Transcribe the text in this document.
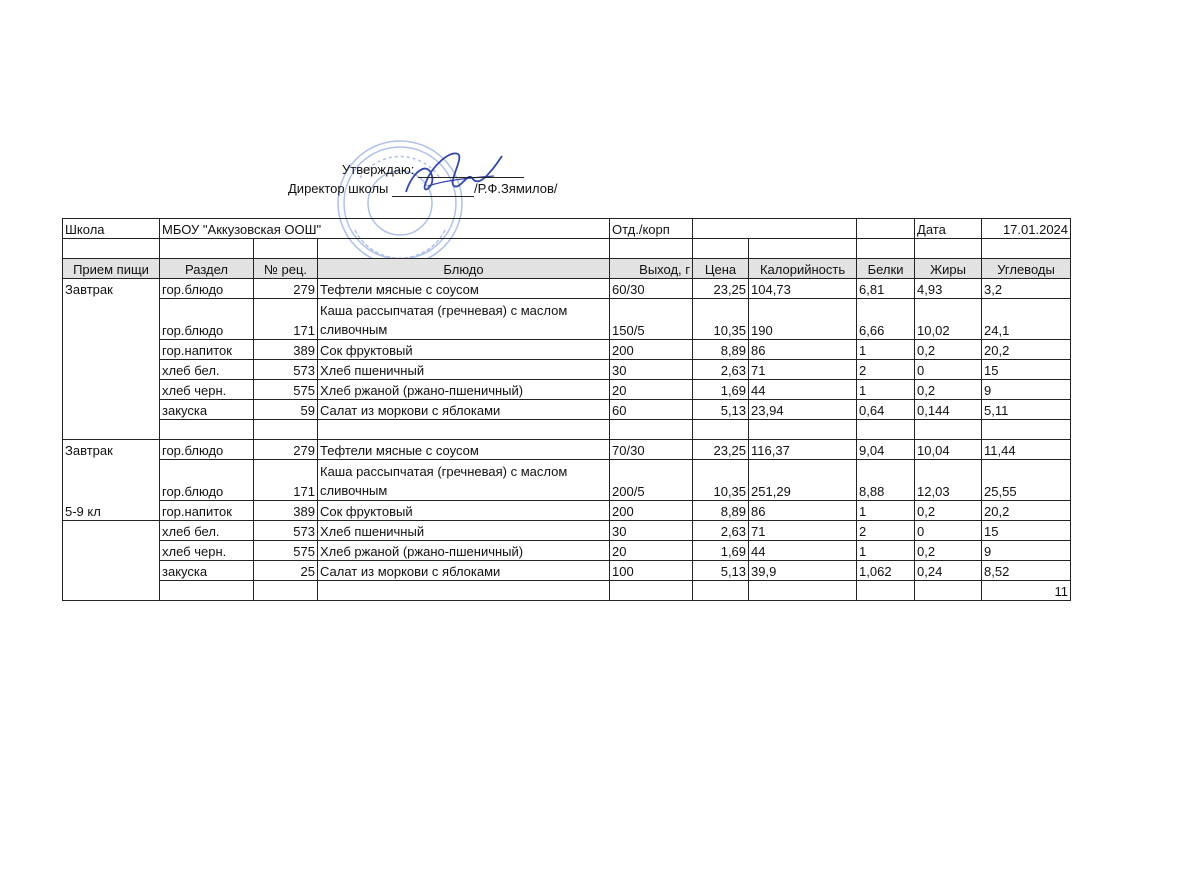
Утверждаю:
Директор школы	/Р.Ф.Зямилов/
Школа	МБОУ "Аккузовская ООШ"			Отд./корп				Дата	17.01.2024

Прием пищи	Раздел	№ рец.	Блюдо	Выход, г	Цена	Калорийность	Белки	Жиры	Углеводы
Завтрак	гор.блюдо	279	Тефтели мясные с соусом	60/30	23,25	104,73	6,81	4,93	3,2
	гор.блюдо	171	Каша рассыпчатая (гречневая) с маслом сливочным	150/5	10,35	190	6,66	10,02	24,1
	гор.напиток	389	Сок фруктовый	200	8,89	86	1	0,2	20,2
	хлеб бел.	573	Хлеб пшеничный	30	2,63	71	2	0	15
	хлеб черн.	575	Хлеб ржаной (ржано-пшеничный)	20	1,69	44	1	0,2	9
	закуска	59	Салат из моркови с яблоками	60	5,13	23,94	0,64	0,144	5,11

Завтрак	гор.блюдо	279	Тефтели мясные с соусом	70/30	23,25	116,37	9,04	10,04	11,44
	гор.блюдо	171	Каша рассыпчатая (гречневая) с маслом сливочным	200/5	10,35	251,29	8,88	12,03	25,55
5-9 кл	гор.напиток	389	Сок фруктовый	200	8,89	86	1	0,2	20,2
	хлеб бел.	573	Хлеб пшеничный	30	2,63	71	2	0	15
	хлеб черн.	575	Хлеб ржаной (ржано-пшеничный)	20	1,69	44	1	0,2	9
	закуска	25	Салат из моркови с яблоками	100	5,13	39,9	1,062	0,24	8,52
									11
